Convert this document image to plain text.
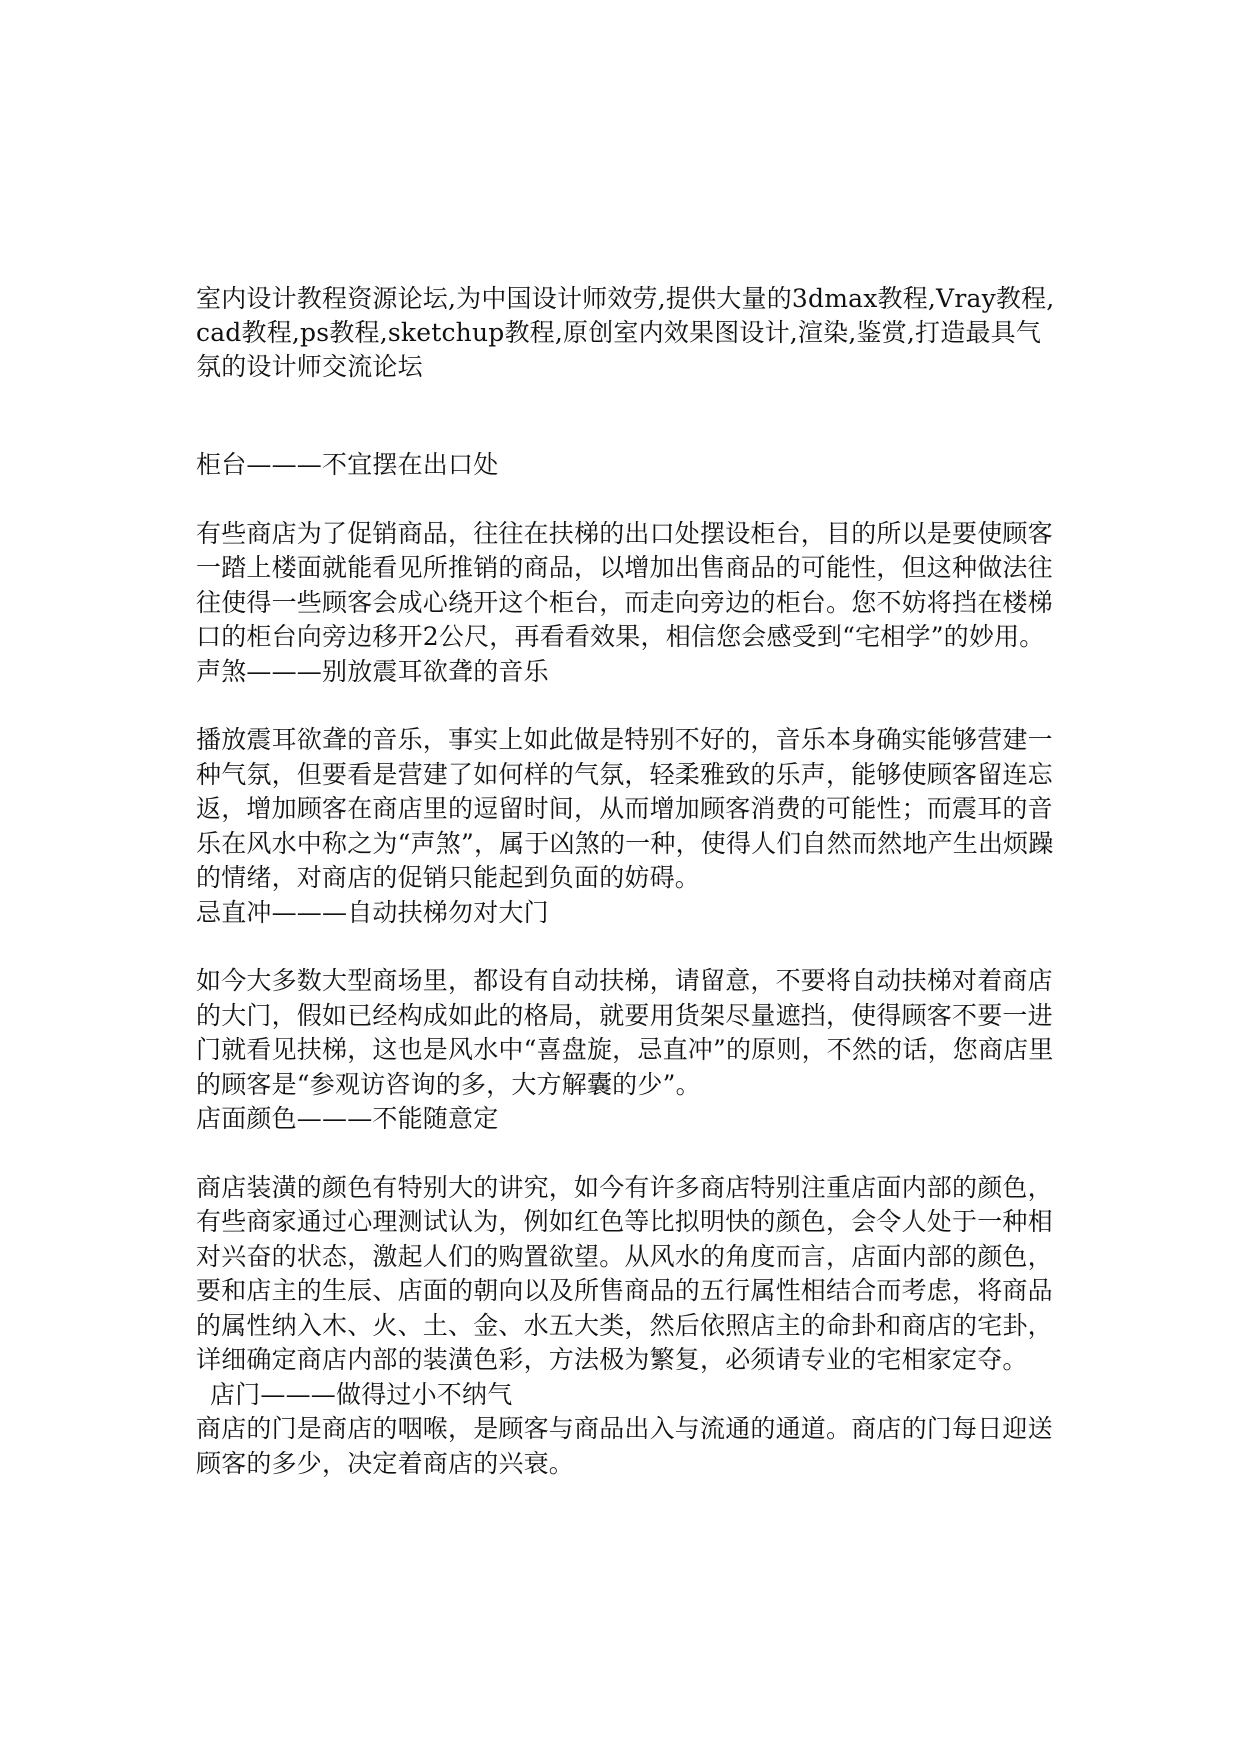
室内设计教程资源论坛,为中国设计师效劳,提供大量的3dmax教程,Vray教程,cad教程,ps教程,sketchup教程,原创室内效果图设计,渲染,鉴赏,打造最具气氛的设计师交流论坛

柜台———不宜摆在出口处

有些商店为了促销商品，往往在扶梯的出口处摆设柜台，目的所以是要使顾客一踏上楼面就能看见所推销的商品，以增加出售商品的可能性，但这种做法往往使得一些顾客会成心绕开这个柜台，而走向旁边的柜台。您不妨将挡在楼梯口的柜台向旁边移开2公尺，再看看效果，相信您会感受到“宅相学”的妙用。

声煞———别放震耳欲聋的音乐

播放震耳欲聋的音乐，事实上如此做是特别不好的，音乐本身确实能够营建一种气氛，但要看是营建了如何样的气氛，轻柔雅致的乐声，能够使顾客留连忘返，增加顾客在商店里的逗留时间，从而增加顾客消费的可能性；而震耳的音乐在风水中称之为“声煞”，属于凶煞的一种，使得人们自然而然地产生出烦躁的情绪，对商店的促销只能起到负面的妨碍。

忌直冲———自动扶梯勿对大门

如今大多数大型商场里，都设有自动扶梯，请留意，不要将自动扶梯对着商店的大门，假如已经构成如此的格局，就要用货架尽量遮挡，使得顾客不要一进门就看见扶梯，这也是风水中“喜盘旋，忌直冲”的原则，不然的话，您商店里的顾客是“参观访咨询的多，大方解囊的少”。

店面颜色———不能随意定

商店装潢的颜色有特别大的讲究，如今有许多商店特别注重店面内部的颜色，有些商家通过心理测试认为，例如红色等比拟明快的颜色，会令人处于一种相对兴奋的状态，激起人们的购置欲望。从风水的角度而言，店面内部的颜色，要和店主的生辰、店面的朝向以及所售商品的五行属性相结合而考虑，将商品的属性纳入木、火、土、金、水五大类，然后依照店主的命卦和商店的宅卦，详细确定商店内部的装潢色彩，方法极为繁复，必须请专业的宅相家定夺。

店门———做得过小不纳气

商店的门是商店的咽喉，是顾客与商品出入与流通的通道。商店的门每日迎送顾客的多少，决定着商店的兴衰。
